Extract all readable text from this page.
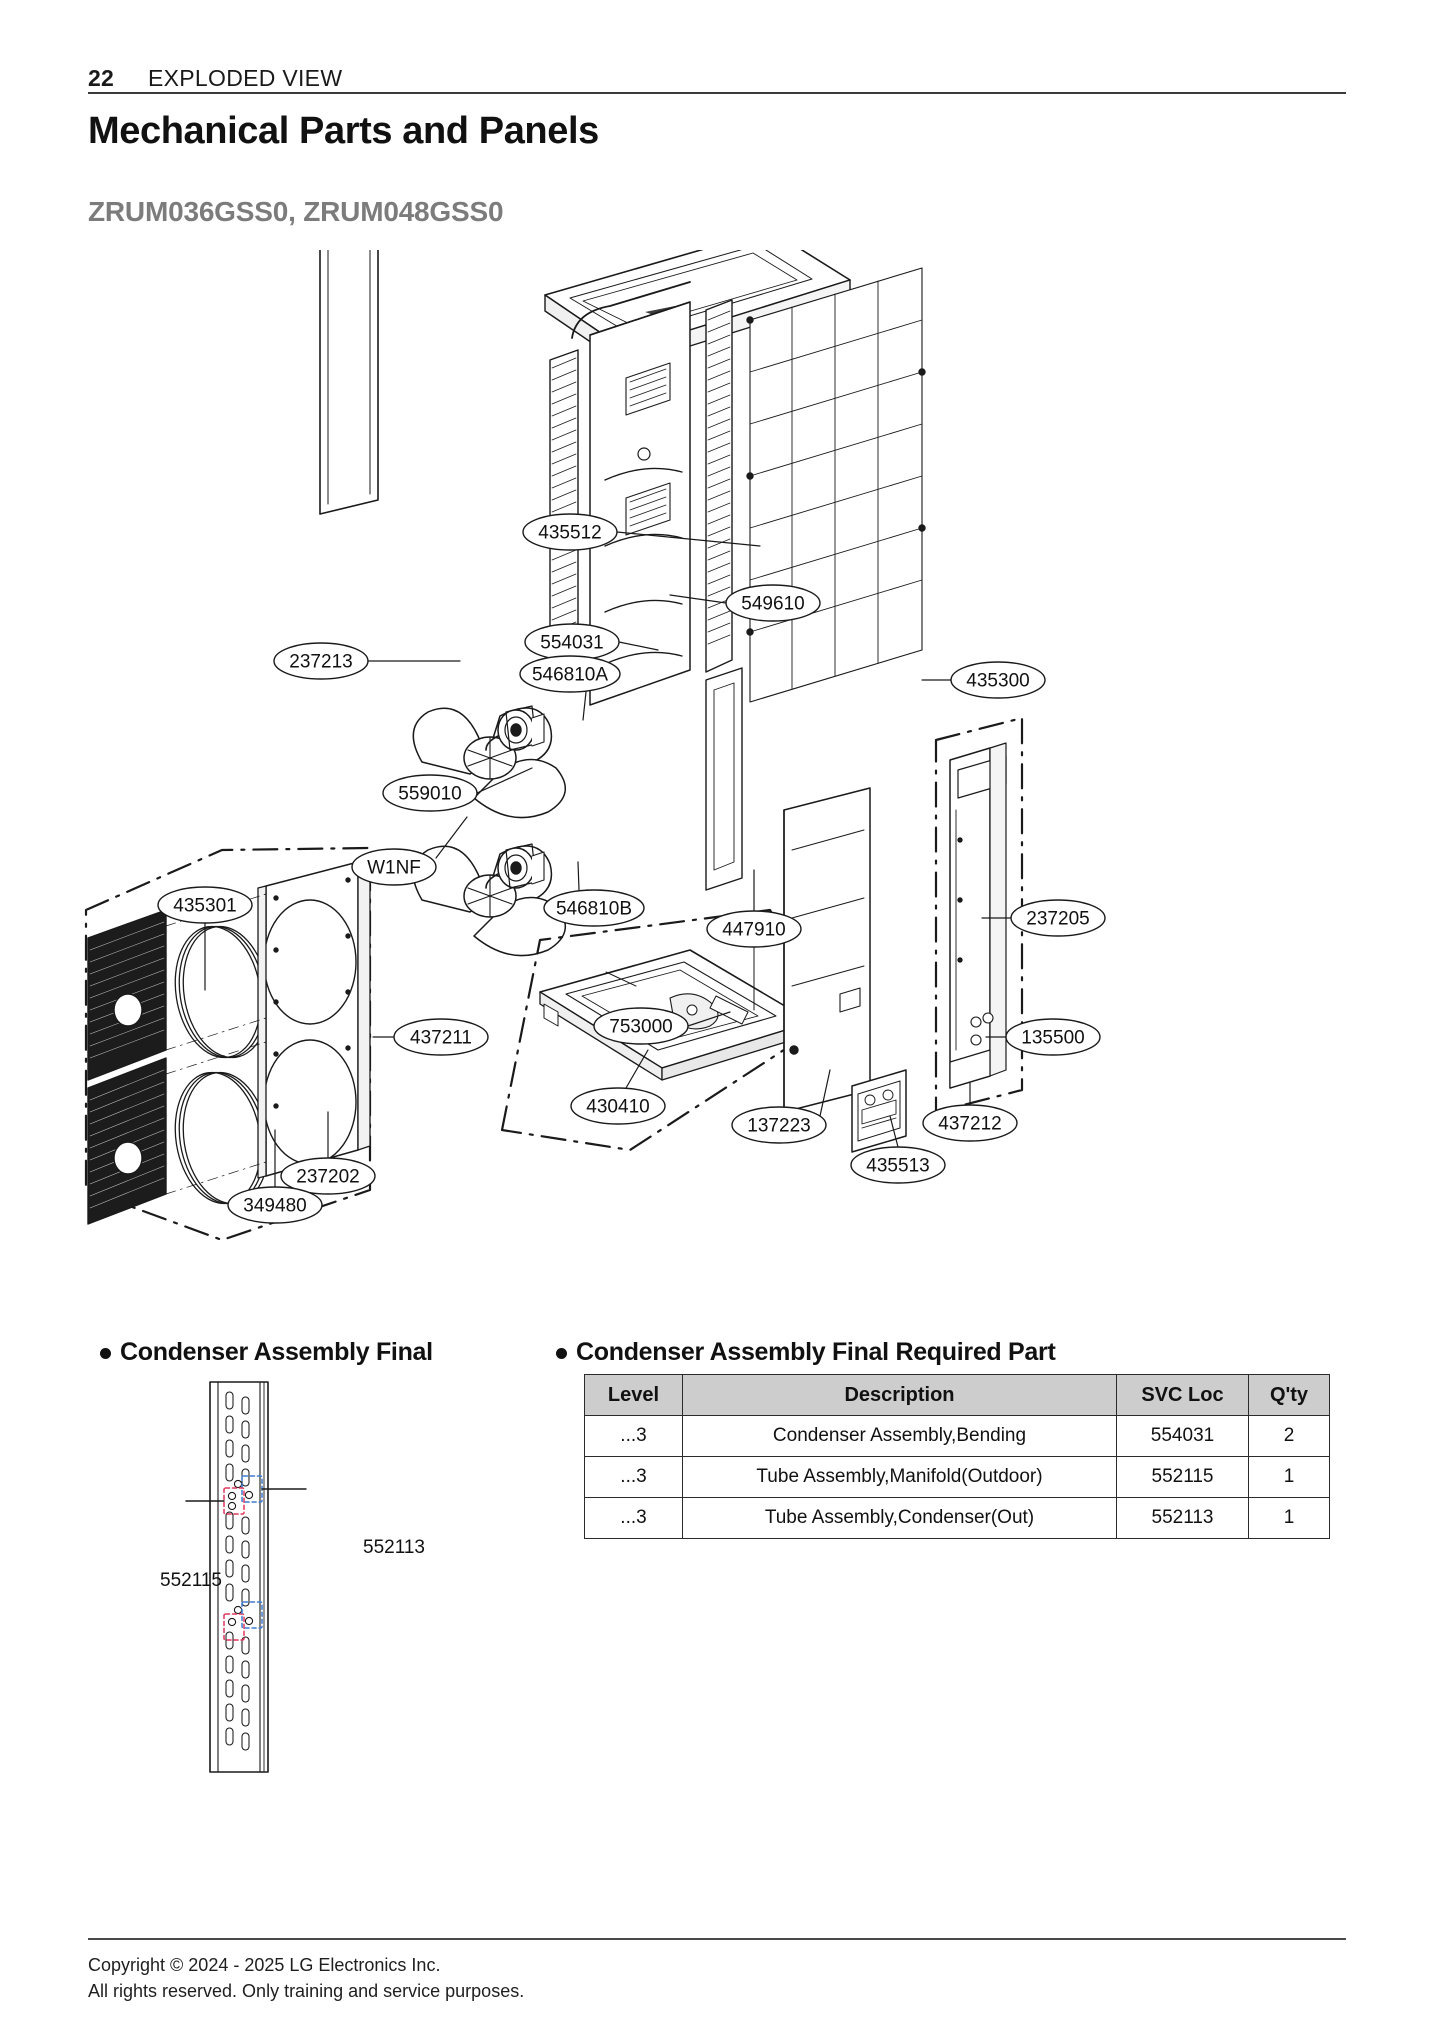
22	EXPLODED VIEW
Mechanical Parts and Panels
ZRUM036GSS0, ZRUM048GSS0
435512
237213
549610
554031
546810A	435300
559010
W1NF
546810B
435301
447910
237205
437211
753000
135500
430410
137223	437212
237202
435513
349480
Condenser Assembly Final	Condenser Assembly Final Required Part
552115
552113
Level	Description	SVC Loc	Q'ty
...3	Condenser Assembly,Bending	554031	2
...3	Tube Assembly,Manifold(Outdoor)	552115	1
...3	Tube Assembly,Condenser(Out)	552113	1
Copyright © 2024 - 2025 LG Electronics Inc.
All rights reserved. Only training and service purposes.
